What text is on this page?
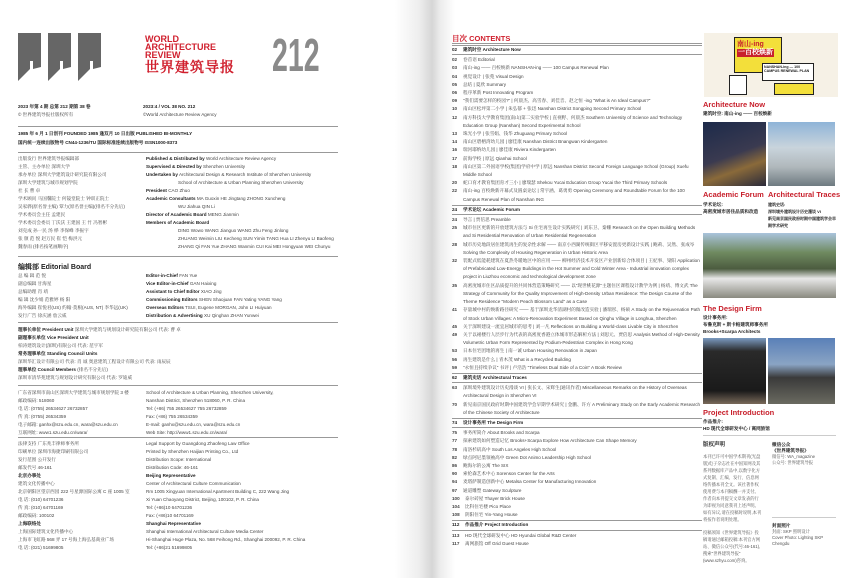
WORLD
ARCHITECTURE
REVIEW
世界建筑导报 212
2023 年第 4 期 总第 212 期第 38 卷	2023:4 / VOL 38 NO. 212
© 世界建筑导报社版权所有	©World Architecture Review Agency
1985 年 6 月 1 日创刊 FOUNDED 1985 逢双月 10 日出版 PUBLISHED BI-MONTHLY
国内统一连续出版物号 CN44-1236/TU 国际标准连续出版物号 ISSN1000-8373
出版发行 世界建筑导报编辑部	Published & Distributed by World Architecture Review Agency
主管、主办单位 深圳大学	Supervised & Directed by Shenzhen University
承办单位 深圳大学建筑设计研究院有限公司	Undertaken by Architectural Design & Research Institute of Shenzhen University
深圳大学建筑与城市规划学院	School of Architecture & Urban Planning Shenzhen University
社 长 曹 卓	President CAO Zhuo
学术顾问 马国馨院士 何镜堂院士 钟训正院士	Academic Consultants MA Guoxin HE Jingtang ZHONG Xuncheng
吴家骅(原名誉主编) 覃力(原名誉主编)(排名不分先后)	WU Jiahua QIN Li
学术委员会主任 孟建民	Director of Academic Board MENG Jianmin
学术委员会委员 丁沃沃 王建国 王 竹 冯智彬	Members of Academic Board
刘克成 孙一民 汤 桦 李保峰 李振宇	DING Wowo WANG Jianguo WANG Zhu Feng Jinlong
张 颀 范 悦 赵万民 崔 恺 梅洪元	ZHUANG Weimin LIU Kecheng SUN Yimin TANG Hua LI Zhenyu LI Baofeng
魏春雨 (排名按笔画顺序)	ZHANG Qi FAN Yue ZHANG Wanmin CUI Kai MEI Hongyuan WEI Chunyu
编辑部 Editorial Board
总 编 辑 范 悦	Editor-in-Chief FAN Yue
副总编辑 甘海星	Vice Editor-in-Chief GAN Haixing
总编助理 肖 靖	Assistant to Chief Editor XIAO Jing
编 辑 沈少娟 范雅婷 杨 阳	Commissioning Editors SHEN Shaojuan FAN Yating YANG Yang
海外编辑 崔悦君(US) 约翰·莫根(AUS, NT) 李华远(UK)	Overseas Editors TSUI, Eugene MORGAN, John LI Huiyuan
发行广告 徐庆涵 詹云威	Distribution & Advertising XU Qinghan ZHAN Yunwei
理事长单位 President Unit 深圳大学建筑与规划设计研究院有限公司 代表: 曹 卓
副理事长单位 Vice President Unit
柏涛建筑设计(深圳)有限公司 代表: 范宇军
常务理事单位 Standing Council Units
深圳华汇设计有限公司 代表: 肖 诚 奥意建筑工程设计有限公司 代表: 雨辰辰
理事单位 Council Members (排名不分先后)
深圳市清华苑建筑与规划设计研究有限公司 代表: 罗迪威
广东省深圳市南山区深圳大学建筑与城市规划学院 3 楼	School of Architecture & Urban Planning, Shenzhen University,
邮政编码: 518060	Nanshan District, Shenzhen 518060, P. R. China
电 话: (0755) 26534627 26732857	Tel: (+86) 755 26534627 755 26732859
传 真: (0755) 26534359	Fax: (+86) 755 26534359
电子邮箱: ganhx@szu.edu.cn, wara@szu.edu.cn	E-mail: ganhx@szu.edu.cn, wara@szu.edu.cn
互联网址: www1.szu.edu.cn/wara/	Web Site: http://www1.szu.edu.cn/wara/
法律支持 广东兆丰律师事务所	Legal Support by Guangdong Zhaofeng Law Office
印刷单位 深圳市海捷印刷有限公司	Printed by Shenzhen Haijian Printing Co., Ltd
发行范围 公开发行	Distribution Scope: International
邮发代号 46-161	Distribution Code: 46-161
北京办事处	Beijing Representative
建筑文化传播中心	Center of Architectural Culture Communication
北京朝阳区望京西园 222 号星源国际公寓 C 座 1005 室	Rm 1005 Xingyuan International Apartment Building C, 222 Wang Jing
电 话: (010) 64701236	Xi Yuan Chaoyang District, Beijing, 100102, P. R. China
传 真: (010) 64701169	Tel: (+86)10 64701236
邮政编码: 100102	Fax: (+86)10 64701169
上海联络处	Shanghai Representative
上海国际建筑文化传播中心	Shanghai International Architectural Culture Media Center
上海市飞虹路 568 弄 17 号海上海弘基商业广场	Hi-Shanghai Huge Plaza, No. 568 Feihong Rd., Shanghai 200092, P. R. China
电 话: (021) 51699805	Tel: (+86)21 51699805
目次 CONTENTS
02	建筑时空 Architecture Now
02	卷首语 Editorial
03	南山-ing —— 百校焕新 NANSHAN-ing —— 100 Campus Renewal Plan
04	视觉设计 | 张苑 Visual Design
05	总结 | 夏欣 Summary
06	程序革新 Post Innovating Program
09	"我们需要怎样的校园?" | 何晨杰、高雪春、刘佳音、赵之恒 -ing "What is An Ideal Campus?"
10	南山区松坪第二小学 | 朱弘郁 + 张迅 Nanshan District Songping Second Primary School
12	南方科技大学教育集团(南山)第二实验学校 | 直视野、何晨杰 Southern University of Science and Technology Education Group (Nanshan) Second Experimental School
13	珠光小学 | 张雪娟、钱华 Zhuguang Primary School
14	南山区碧榕湾幼儿园 | 廖佳康 Nanshan District Bnangwan Kindergarten
16	瑞河耶纳幼儿园 | 廖佳康 Riviera Kindergarten
17	前海学校 | 原远 Qianhai School
18	南山区第二外国语学校(集团)学府中学 | 原远 Nanshan District Second Foreign Language School (Group) Xuefu Middle School
20	蛇口育才教育集团育才三小 | 廖瑞瑟 Shekou Yucai Education Group Yucai the Third Primary Schools
22	南山-ing 百校焕新开幕式及圆桌论坛 | 常宇涵、葛勇勇 Opening Ceremony and Roundtable Forum for the 100 Campus Renewal Plan of Nanshan ING
24	学术论坛 Academic Forum
24	导言 | 贾倍思 Preamble
25	城市住区更新的开放建筑方法与 Si 住宅再生设计实践研究 | 刘东卫、秦姗 Research on the Open Building Methods and Si Residential Renovation of Urban Residential Regeneration
28	城市历史地段居住建筑再生的复杂性求解 —— 南京小西湖传统街区平移安置房更新设计实践 | 鲍莉、吴然、张成岑 Solving the Complexity of Housing Regeneration in Urban Historic Area
32	装配式低能耗建筑在夏热冬暖地区中的应用 —— 柳州经济技术开发区产业创新综合体项目 | 王紀事、梁阳 Application of Prefabricated Low-Energy Buildings in the Hot Summer and Cold Winter Area - Industrial innovation complex project in Liuzhou economic and technological development zone
35	高密度城市住区品质提升的共同体营造策略研究 —— 以"现世桃花源"主题住区课程设计教学为例 | 杨靖、傅文武 The Strategy of Community for the Quality Improvement of High-Density Urban Residence: The Design Course of the Theme Residence "Modern Peach Blossom Land" as a Case
41	存量城中村的焕新路径研究 —— 基于深圳龙华清湖村的微改造实验 | 潘瑞彤、杨硕 A Study on the Rejuvenation Path of Stock Urban Villages: A Micro-Renovation Experiment Based on Qinghu Village in Longhua, Shenzhen
45	关于深圳建设一流宜居城市的思考 | 刘一凡 Reflections on Building a World-class Livable City in Shenzhen
49	关于以裙楼行人层步行为代表的高密度香港立体城市形态解析方法 | 刘思元、贾倍思 Analysis Method of High-Density Volumetric Urban Form Represented by Podium-Pedestrian Complex in Hong Kong
53	日本住宅团地的再生 | 南一诚 Urban Housing Renovation in Japan
56	再生建筑是什么 | 青木茂 What is a Recycled Building
59	"永恒且持续争议" 书评 | 卢浩浩 "Timeless Dual Side of a Coin" A Book Review
62	建筑史话 Architectural Traces
63	深圳境外建筑设计历史漫谈 VI | 张长文、宋辉生(通讯作者) Miscellaneous Remarks on the History of Overseas Architectural Design in Shenzhen VI
70	新见南京国民政府时期中国建筑学会早期学术研究 | 金鹏、许方 A Preliminary Study on the Early Academic Research of the Chinese Society of Architecture
74	设计事务所 The Design Firm
75	事务所简介 About Brooks and Scarpa
77	探索建筑如何塑造记忆 Brooks+Scarpa Explore How Architecture Can Shape Memory
78	南洛杉矶高中 South Los Angeles High School
82	绿点阿尼墨领袖高中 Green Dot Animo Leadership High School
86	鲍海尔的公寓 The SIX
90	索伦森艺术中心 Sorenson Center for the Arts
94	麦塔萨制造创新中心 Metalsa Center for Manufacturing Innovation
97	通道雕塑 Gateway Sculpture
100	泰尔砖屋 Thayer Brick House
104	比科住宅楼 Pico Place
108	阴阳住宅 Yin-Yang House
112	作品推介 Project Introduction
113	HD 现代全球研发中心 HD Hyundai Global R&D Center
117	离网旅馆 Off Grid Guest House
南山-ing
一百校焕新
NANSHAN-ing — 100 CAMPUS RENEWAL PLAN
Architecture Now
建筑时空: 南山-ing —— 百校焕新
Academic Forum Architectural Traces
学术论坛:
高密度城市居住品质和改造
建筑史话:
深圳境外建筑设计历史漫谈 VI
新见南京国民政府时期中国建筑学会早期学术研究
The Design Firm
设计事务所:
布鲁克斯 + 斯卡帕建筑师事务所
Brooks+Scarpa Architects
Project Introduction
作品推介:
HD 现代全球研发中心 / 离网旅馆
版权声明
本刊已许可中国学术期刊(光盘版)电子杂志社在中国知网及其系列数据库产品中,以数字化方式复制、汇编、发行、信息网络传播本刊全文。该社著作权使用费与本刊稿酬一并支付。作者向本刊提交文章发表的行为即视为同意我刊上述声明。如有异议,请在投稿时说明,本刊将按作者说明处理。
投稿须知《世界建筑导报》投稿请通过邮箱投稿:本刊官方网站、微信公众号(代号:46-161),搜索"世界建筑导报"(www.szhyu.com)咨询。
微信公众
《世界建筑导报》
微信号: WA_magazine
公众号: 世界建筑导报
封面照片
封面: SKP 照明设计
Cover Photo: Lighting SKP Chengdu
